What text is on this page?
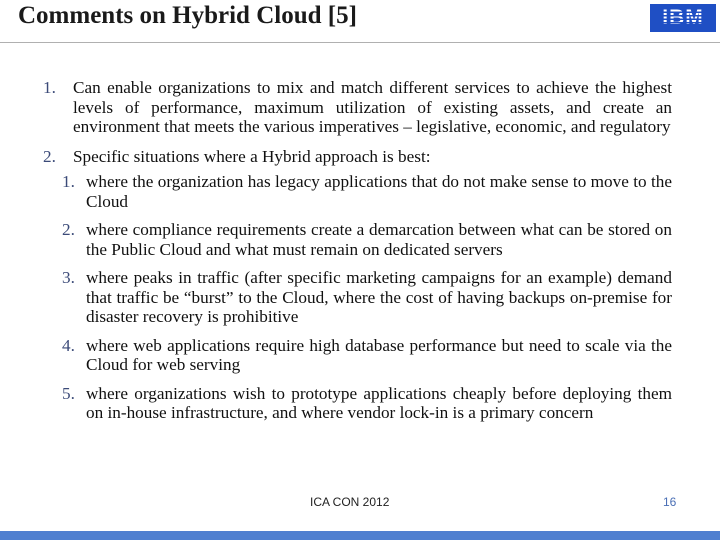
Comments on Hybrid Cloud [5]	IBM
1. Can enable organizations to mix and match different services to achieve the highest levels of performance, maximum utilization of existing assets, and create an environment that meets the various imperatives – legislative, economic, and regulatory
2. Specific situations where a Hybrid approach is best:
1. where the organization has legacy applications that do not make sense to move to the Cloud
2. where compliance requirements create a demarcation between what can be stored on the Public Cloud and what must remain on dedicated servers
3. where peaks in traffic (after specific marketing campaigns for an example) demand that traffic be “burst” to the Cloud, where the cost of having backups on-premise for disaster recovery is prohibitive
4. where web applications require high database performance but need to scale via the Cloud for web serving
5. where organizations wish to prototype applications cheaply before deploying them on in-house infrastructure, and where vendor lock-in is a primary concern
ICA CON 2012	16
